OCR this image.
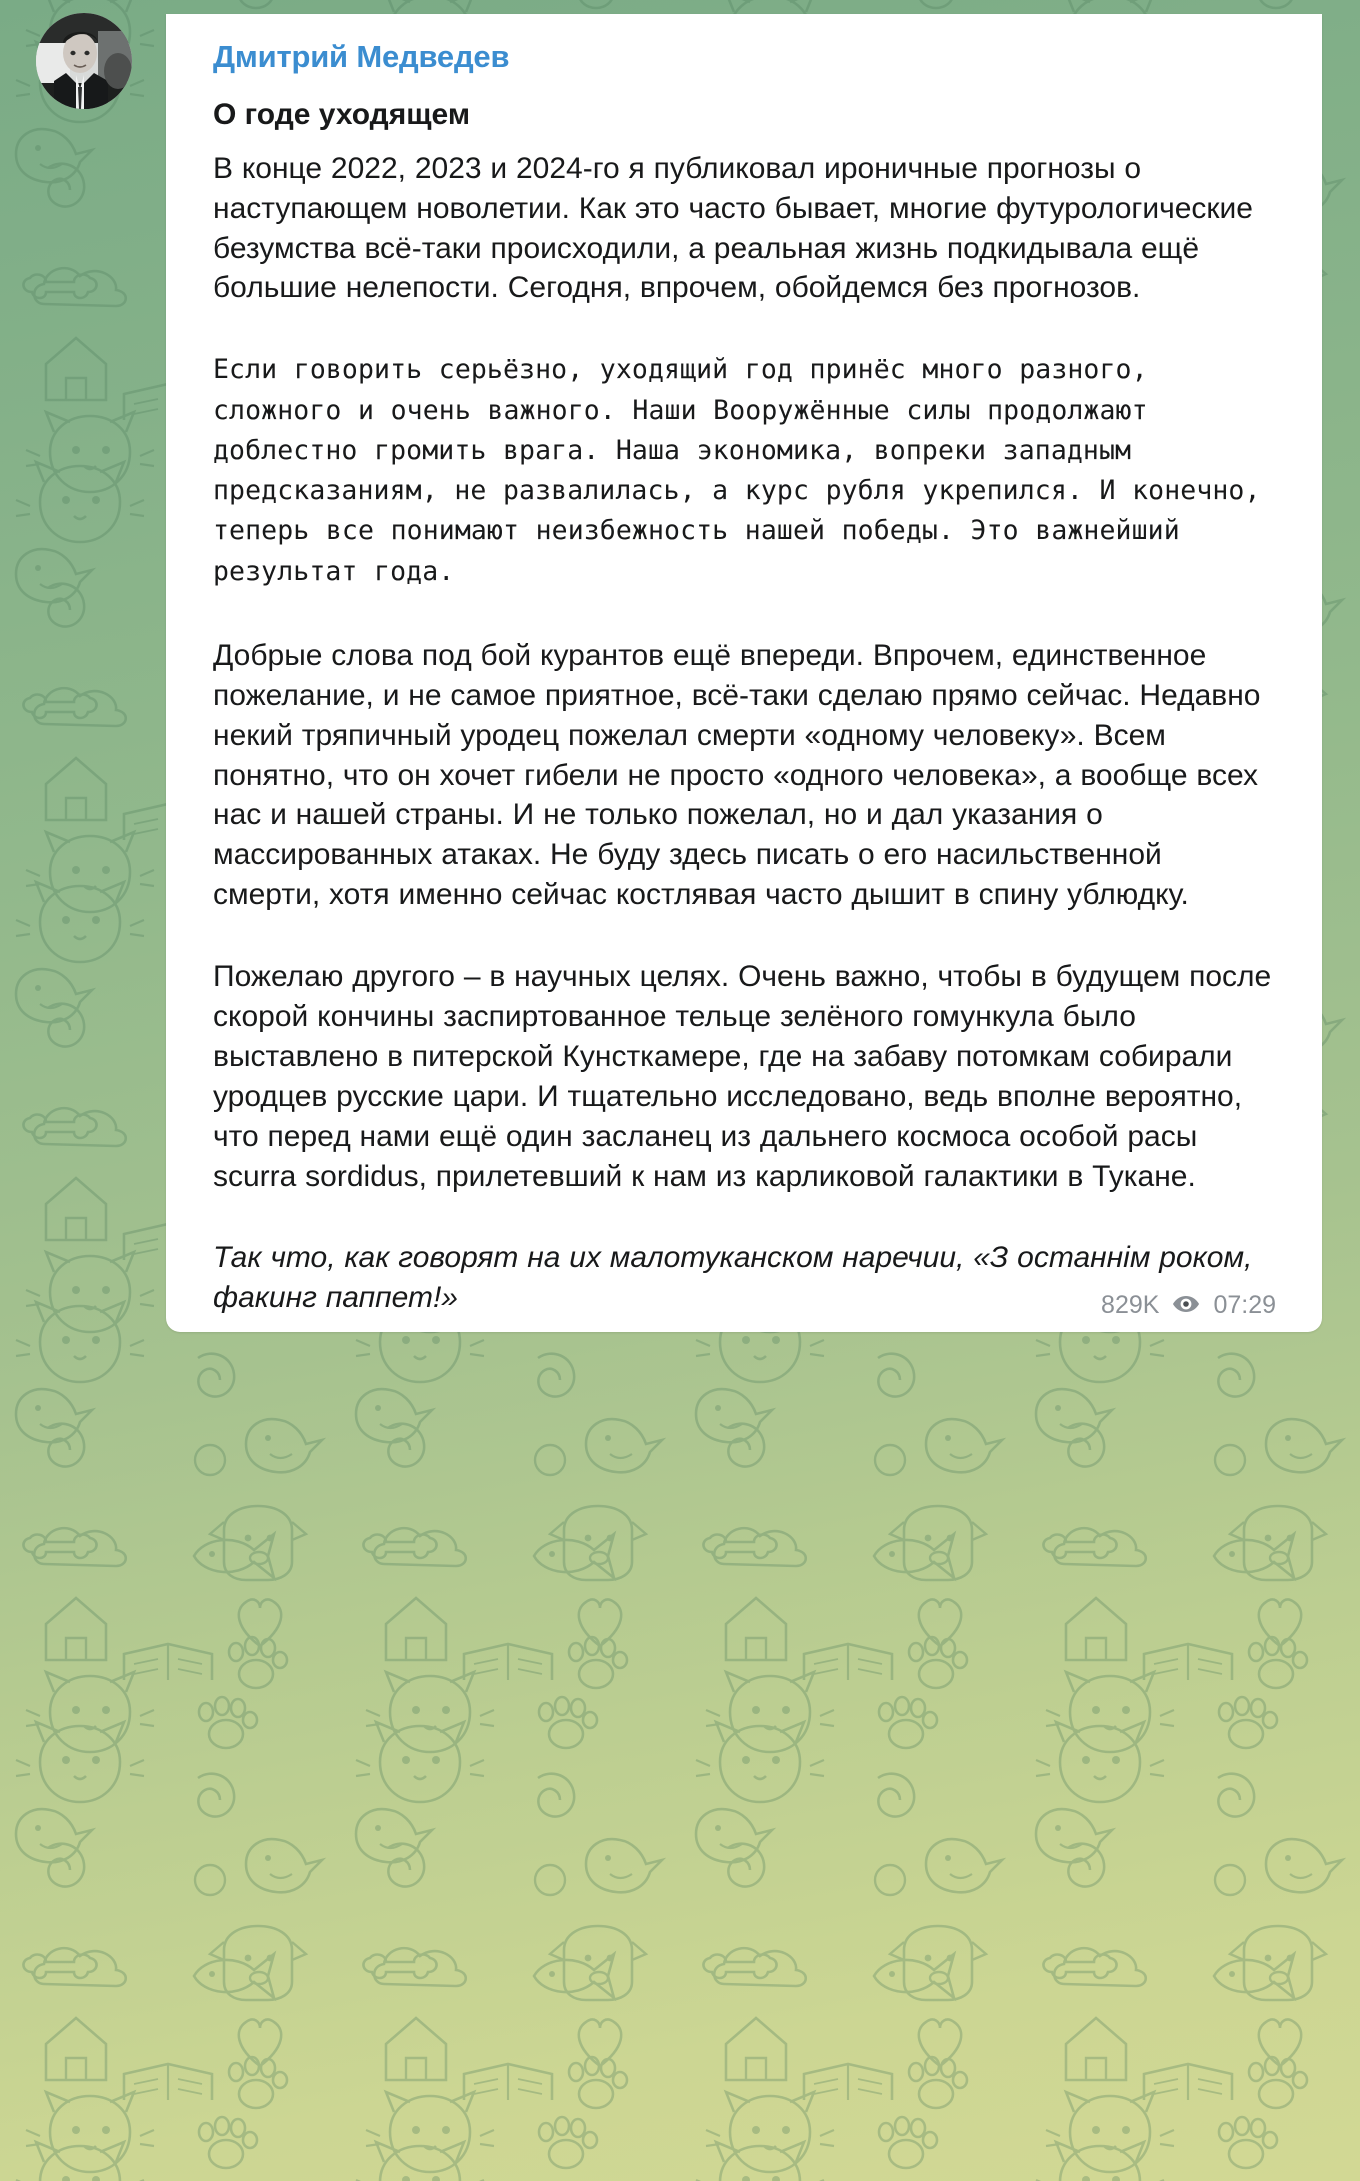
Дмитрий Медведев
О годе уходящем

В конце 2022, 2023 и 2024-го я публиковал ироничные прогнозы о наступающем новолетии. Как это часто бывает, многие футурологические безумства всё-таки происходили, а реальная жизнь подкидывала ещё большие нелепости. Сегодня, впрочем, обойдемся без прогнозов.

Если говорить серьёзно, уходящий год принёс много разного, сложного и очень важного. Наши Вооружённые силы продолжают доблестно громить врага. Наша экономика, вопреки западным предсказаниям, не развалилась, а курс рубля укрепился. И конечно, теперь все понимают неизбежность нашей победы. Это важнейший результат года.

Добрые слова под бой курантов ещё впереди. Впрочем, единственное пожелание, и не самое приятное, всё-таки сделаю прямо сейчас. Недавно некий тряпичный уродец пожелал смерти «одному человеку». Всем понятно, что он хочет гибели не просто «одного человека», а вообще всех нас и нашей страны. И не только пожелал, но и дал указания о массированных атаках. Не буду здесь писать о его насильственной смерти, хотя именно сейчас костлявая часто дышит в спину ублюдку.

Пожелаю другого – в научных целях. Очень важно, чтобы в будущем после скорой кончины заспиртованное тельце зелёного гомункула было выставлено в питерской Кунсткамере, где на забаву потомкам собирали уродцев русские цари. И тщательно исследовано, ведь вполне вероятно, что перед нами ещё один засланец из дальнего космоса особой расы scurra sordidus, прилетевший к нам из карликовой галактики в Тукане.

Так что, как говорят на их малотуканском наречии, «З останнім роком, факинг паппет!»	829K 07:29
